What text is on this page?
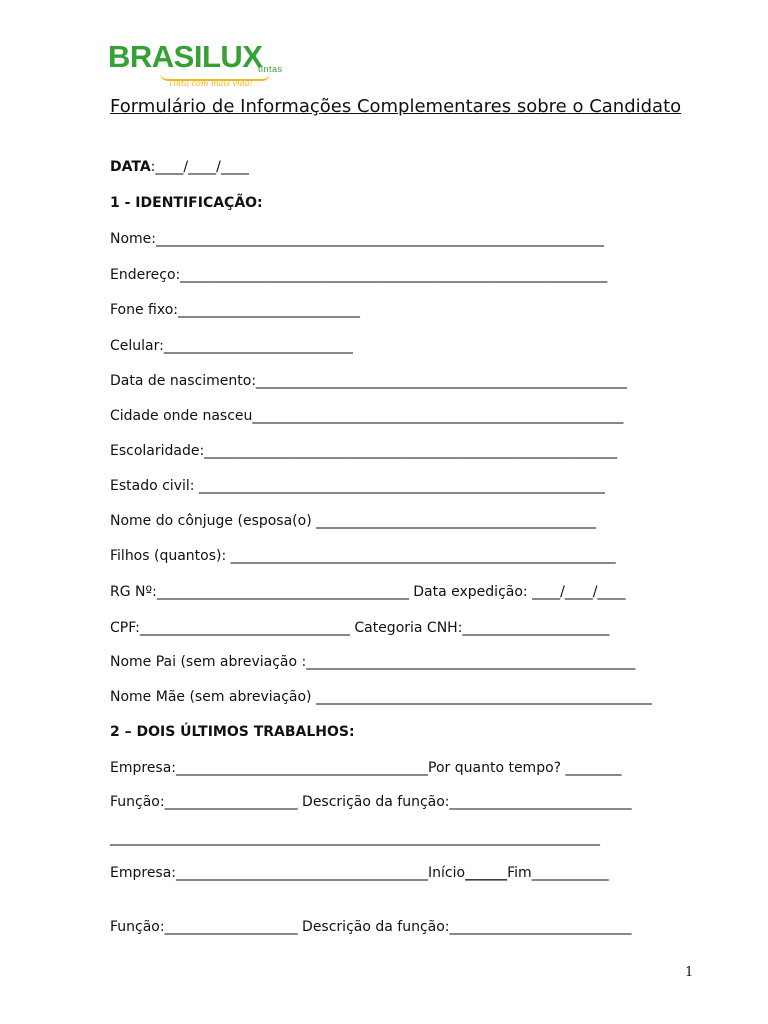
BRASILUX
tintas
Tinta com mais vida!
Formulário de Informações Complementares sobre o Candidato
DATA:____/____/____
1 - IDENTIFICAÇÃO:
Nome:________________________________________________________________
Endereço:_____________________________________________________________
Fone fixo:__________________________
Celular:___________________________
Data de nascimento:_____________________________________________________
Cidade onde nasceu_____________________________________________________
Escolaridade:___________________________________________________________
Estado civil: __________________________________________________________
Nome do cônjuge (esposa(o) ________________________________________
Filhos (quantos): _______________________________________________________
RG Nº:____________________________________ Data expedição: ____/____/____
CPF:______________________________ Categoria CNH:_____________________
Nome Pai (sem abreviação :_______________________________________________
Nome Mãe (sem abreviação) ________________________________________________
2 – DOIS ÚLTIMOS TRABALHOS:
Empresa:____________________________________Por quanto tempo? ________
Função:___________________ Descrição da função:__________________________
______________________________________________________________________
Empresa:____________________________________Início______Fim___________
Função:___________________ Descrição da função:__________________________
1
